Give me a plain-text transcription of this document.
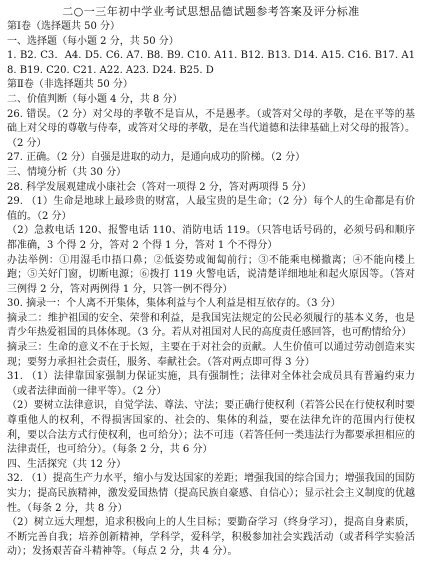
二○一三年初中学业考试思想品德试题参考答案及评分标准

第Ⅰ卷（选择题共 50 分）

一、选择题（每小题 2 分，共 50 分）

1. B2. C3．A4. D5. C6. A7. B8. B9. C10. A11. B12. B13. D14. A15. C16. B17. A18. B19. C20. C21. A22. A23. D24. B25. D

第Ⅱ卷（非选择题共 50 分）

二、价值判断（每小题 4 分，共 8 分）

26. 错误。（2 分）对父母的孝敬不是盲从，不是愚孝。（或答对父母的孝敬，是在平等的基础上对父母的尊敬与侍奉，或答对父母的孝敬，是在当代道德和法律基础上对父母的报答）。（2 分）

27. 正确。（2 分）自强是进取的动力，是通向成功的阶梯。（2 分）

三、情境分析（共 30 分）

28. 科学发展观建成小康社会（答对一项得 2 分，答对两项得 5 分）

29. （1）生命是地球上最珍贵的财富，人最宝贵的是生命；（2 分）每个人的生命都是有价值的。（2 分）

（2）急救电话 120、报警电话 110、消防电话 119。（只答电话号码的，必须号码和顺序都准确，3 个得 2 分，答对 2 个得 1 分，答对 1 个不得分）

办法举例：①用湿毛巾捂口鼻；②低姿势或匍匐前行；③不能乘电梯撤离；④不能向楼上跑；⑤关好门窗，切断电源；⑥拨打 119 火警电话，说清楚详细地址和起火原因等。（答对三例得 2 分，答对两例得 1 分，只答一例不得分）

30. 摘录一：个人离不开集体，集体利益与个人利益是相互依存的。（3 分）

摘录二：维护祖国的安全、荣誉和利益，是我国宪法规定的公民必须履行的基本义务，也是青少年热爱祖国的具体体现。（3 分。若从对祖国对人民的高度责任感回答，也可酌情给分）

摘录三：生命的意义不在于长短，主要在于对社会的贡献。人生价值可以通过劳动创造来实现；要努力承担社会责任，服务、奉献社会。（答对两点即可得 3 分）

31. （1）法律靠国家强制力保证实施，具有强制性；法律对全体社会成员具有普遍约束力（或者法律面前一律平等）。（2 分）

（2）要树立法律意识，自觉学法、尊法、守法；要正确行使权利（若答公民在行使权利时要尊重他人的权利，不得损害国家的、社会的、集体的利益，要在法律允许的范围内行使权利，要以合法方式行使权利，也可给分）；法不可违（若答任何一类违法行为都要承担相应的法律责任，也可给分）。（每条 2 分，共 6 分）

四、生活探究（共 12 分）

32. （1）提高生产力水平，缩小与发达国家的差距；增强我国的综合国力；增强我国的国防实力；提高民族精神，激发爱国热情（提高民族自豪感、自信心）；显示社会主义制度的优越性。（每条 2 分，共 8 分）

（2）树立远大理想，追求积极向上的人生目标；要勤奋学习（终身学习），提高自身素质，不断完善自我；培养创新精神，学科学，爱科学，积极参加社会实践活动（或者科学实验活动）；发扬艰苦奋斗精神等。（每点 2 分，共 4 分）。
